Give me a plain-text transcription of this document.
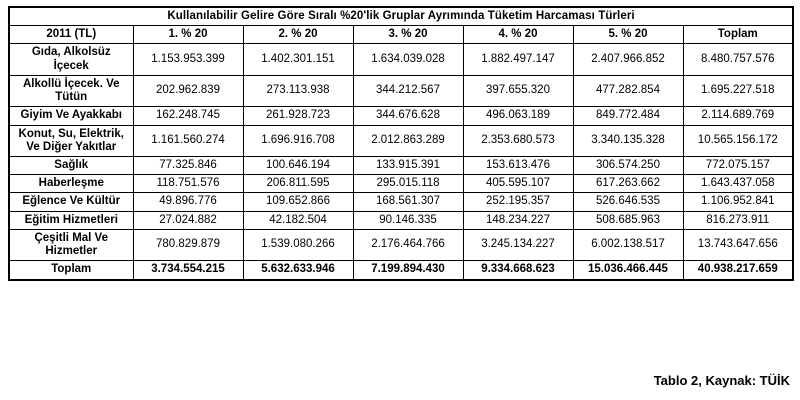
Kullanılabilir Gelire Göre Sıralı %20'lik Gruplar Ayrımında Tüketim Harcaması Türleri						
2011 (TL)	1. % 20	2. % 20	3. % 20	4. % 20	5. % 20	Toplam
Gıda, Alkolsüz İçecek	1.153.953.399	1.402.301.151	1.634.039.028	1.882.497.147	2.407.966.852	8.480.757.576
Alkollü İçecek. Ve Tütün	202.962.839	273.113.938	344.212.567	397.655.320	477.282.854	1.695.227.518
Giyim Ve Ayakkabı	162.248.745	261.928.723	344.676.628	496.063.189	849.772.484	2.114.689.769
Konut, Su, Elektrik, Ve Diğer Yakıtlar	1.161.560.274	1.696.916.708	2.012.863.289	2.353.680.573	3.340.135.328	10.565.156.172
Sağlık	77.325.846	100.646.194	133.915.391	153.613.476	306.574.250	772.075.157
Haberleşme	118.751.576	206.811.595	295.015.118	405.595.107	617.263.662	1.643.437.058
Eğlence Ve Kültür	49.896.776	109.652.866	168.561.307	252.195.357	526.646.535	1.106.952.841
Eğitim Hizmetleri	27.024.882	42.182.504	90.146.335	148.234.227	508.685.963	816.273.911
Çeşitli Mal Ve Hizmetler	780.829.879	1.539.080.266	2.176.464.766	3.245.134.227	6.002.138.517	13.743.647.656
Toplam	3.734.554.215	5.632.633.946	7.199.894.430	9.334.668.623	15.036.466.445	40.938.217.659
Tablo 2, Kaynak: TÜİK
